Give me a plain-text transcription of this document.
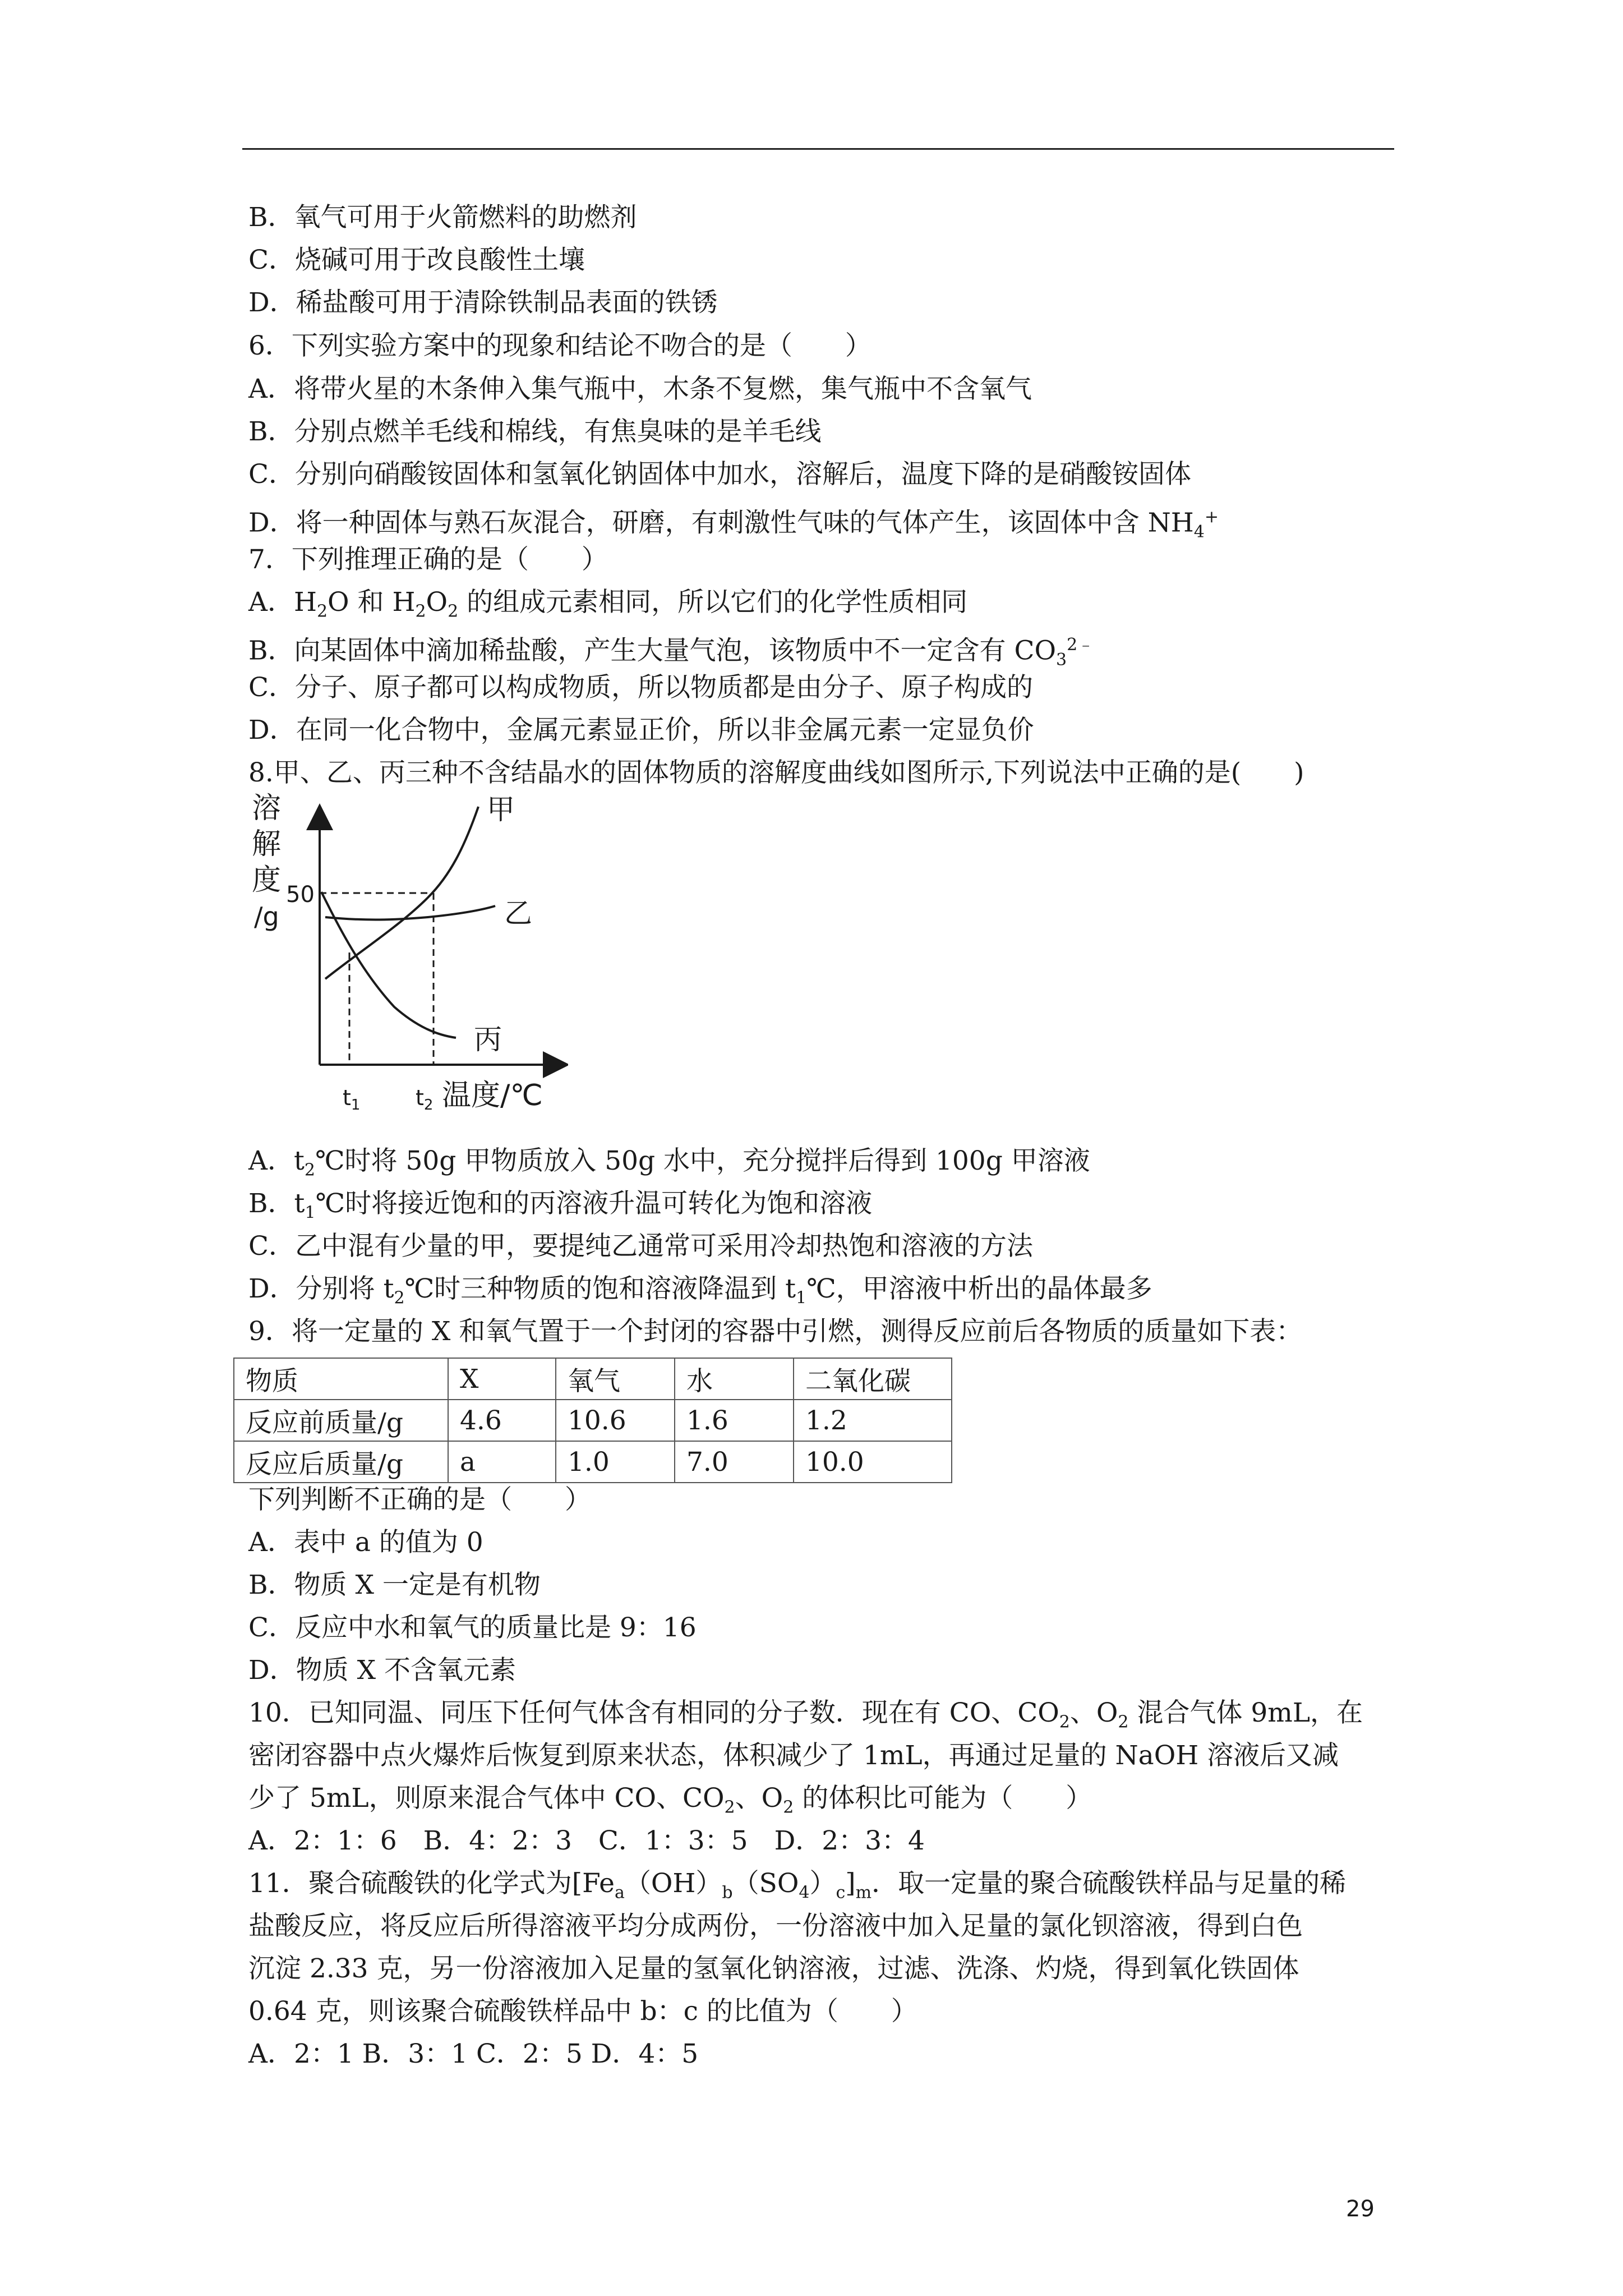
B．氧气可用于火箭燃料的助燃剂
C．烧碱可用于改良酸性土壤
D．稀盐酸可用于清除铁制品表面的铁锈
6．下列实验方案中的现象和结论不吻合的是（　　）
A．将带火星的木条伸入集气瓶中，木条不复燃，集气瓶中不含氧气
B．分别点燃羊毛线和棉线，有焦臭味的是羊毛线
C．分别向硝酸铵固体和氢氧化钠固体中加水，溶解后，温度下降的是硝酸铵固体
D．将一种固体与熟石灰混合，研磨，有刺激性气味的气体产生，该固体中含 $NH_4^+$
7．下列推理正确的是（　　）
A．$H_2O$ 和 $H_2O_2$ 的组成元素相同，所以它们的化学性质相同
B．向某固体中滴加稀盐酸，产生大量气泡，该物质中不一定含有 $CO_3^{2﹣}$
C．分子、原子都可以构成物质，所以物质都是由分子、原子构成的
D．在同一化合物中，金属元素显正价，所以非金属元素一定显负价
8.甲、乙、丙三种不含结晶水的固体物质的溶解度曲线如图所示,下列说法中正确的是(　　)
A．$t_2℃$时将 50g 甲物质放入 50g 水中，充分搅拌后得到 100g 甲溶液
B．$t_1℃$时将接近饱和的丙溶液升温可转化为饱和溶液
C．乙中混有少量的甲，要提纯乙通常可采用冷却热饱和溶液的方法
D．分别将 $t_2℃$时三种物质的饱和溶液降温到 $t_1℃$，甲溶液中析出的晶体最多
9．将一定量的 X 和氧气置于一个封闭的容器中引燃，测得反应前后各物质的质量如下表：
下列判断不正确的是（　　）
A．表中 a 的值为 0
B．物质 X 一定是有机物
C．反应中水和氧气的质量比是 9：16
D．物质 X 不含氧元素
10．已知同温、同压下任何气体含有相同的分子数．现在有 CO、$CO_2$、$O_2$ 混合气体 9mL，在
密闭容器中点火爆炸后恢复到原来状态，体积减少了 1mL，再通过足量的 NaOH 溶液后又减
少了 5mL，则原来混合气体中 CO、$CO_2$、$O_2$ 的体积比可能为（　　）
A．2：1：6　B．4：2：3　C．1：3：5　D．2：3：4
11．聚合硫酸铁的化学式为$[Fe_a(OH)_b(SO_4)_c]_m$．取一定量的聚合硫酸铁样品与足量的稀
盐酸反应，将反应后所得溶液平均分成两份，一份溶液中加入足量的氯化钡溶液，得到白色
沉淀 2.33 克，另一份溶液加入足量的氢氧化钠溶液，过滤、洗涤、灼烧，得到氧化铁固体
0.64 克，则该聚合硫酸铁样品中 b：c 的比值为（　　）
A．2：1 B．3：1 C．2：5 D．4：5
溶
解
度
/g
50
甲
乙
丙
$t_1$	$t_2$ 温度/℃
物质	X	氧气	水	二氧化碳
反应前质量/g	4.6	10.6	1.6	1.2
反应后质量/g	a	1.0	7.0	10.0
29
